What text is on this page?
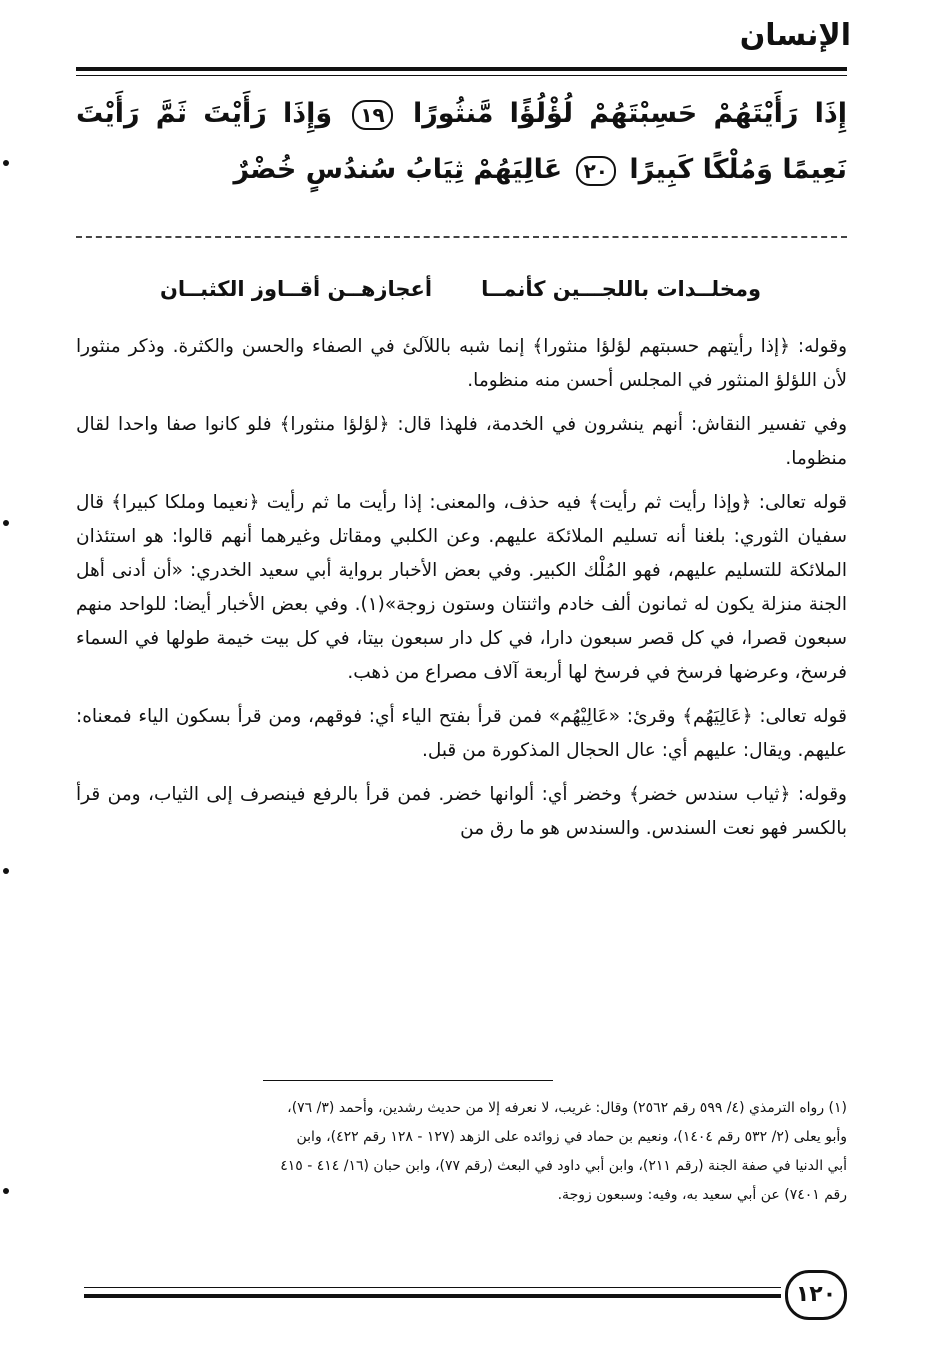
الإنسان
إِذَا رَأَيْتَهُمْ حَسِبْتَهُمْ لُؤْلُؤًا مَّنثُورًا ١٩ وَإِذَا رَأَيْتَ ثَمَّ رَأَيْتَ نَعِيمًا وَمُلْكًا كَبِيرًا ٢٠ عَالِيَهُمْ ثِيَابُ سُندُسٍ خُضْرٌ
ومخلــدات باللجـــين كأنمــا
أعجازهــن أقــاوز الكثبــان

وقوله: ﴿إذا رأيتهم حسبتهم لؤلؤا منثورا﴾ إنما شبه باللآلئ في الصفاء والحسن والكثرة. وذكر منثورا لأن اللؤلؤ المنثور في المجلس أحسن منه منظوما.

وفي تفسير النقاش: أنهم ينشرون في الخدمة، فلهذا قال: ﴿لؤلؤا منثورا﴾ فلو كانوا صفا واحدا لقال منظوما.

قوله تعالى: ﴿وإذا رأيت ثم رأيت﴾ فيه حذف، والمعنى: إذا رأيت ما ثم رأيت ﴿نعيما وملكا كبيرا﴾ قال سفيان الثوري: بلغنا أنه تسليم الملائكة عليهم. وعن الكلبي ومقاتل وغيرهما أنهم قالوا: هو استئذان الملائكة للتسليم عليهم، فهو المُلْك الكبير. وفي بعض الأخبار برواية أبي سعيد الخدري: «أن أدنى أهل الجنة منزلة يكون له ثمانون ألف خادم واثنتان وستون زوجة»(١). وفي بعض الأخبار أيضا: للواحد منهم سبعون قصرا، في كل قصر سبعون دارا، في كل دار سبعون بيتا، في كل بيت خيمة طولها في السماء فرسخ، وعرضها فرسخ في فرسخ لها أربعة آلاف مصراع من ذهب.

قوله تعالى: ﴿عَالِيَهُم﴾ وقرئ: «عَالِيْهُم» فمن قرأ بفتح الياء أي: فوقهم، ومن قرأ بسكون الياء فمعناه: عليهم. ويقال: عليهم أي: عال الحجال المذكورة من قبل.

وقوله: ﴿ثياب سندس خضر﴾ وخضر أي: ألوانها خضر. فمن قرأ بالرفع فينصرف إلى الثياب، ومن قرأ بالكسر فهو نعت السندس. والسندس هو ما رق من

(١) رواه الترمذي (٤/ ٥٩٩ رقم ٢٥٦٢) وقال: غريب، لا نعرفه إلا من حديث رشدين، وأحمد (٣/ ٧٦)،

وأبو يعلى (٢/ ٥٣٢ رقم ١٤٠٤)، ونعيم بن حماد في زوائده على الزهد (١٢٧ - ١٢٨ رقم ٤٢٢)، وابن

أبي الدنيا في صفة الجنة (رقم ٢١١)، وابن أبي داود في البعث (رقم ٧٧)، وابن حبان (١٦/ ٤١٤ - ٤١٥

رقم ٧٤٠١) عن أبي سعيد به، وفيه: وسبعون زوجة.

١٢٠
